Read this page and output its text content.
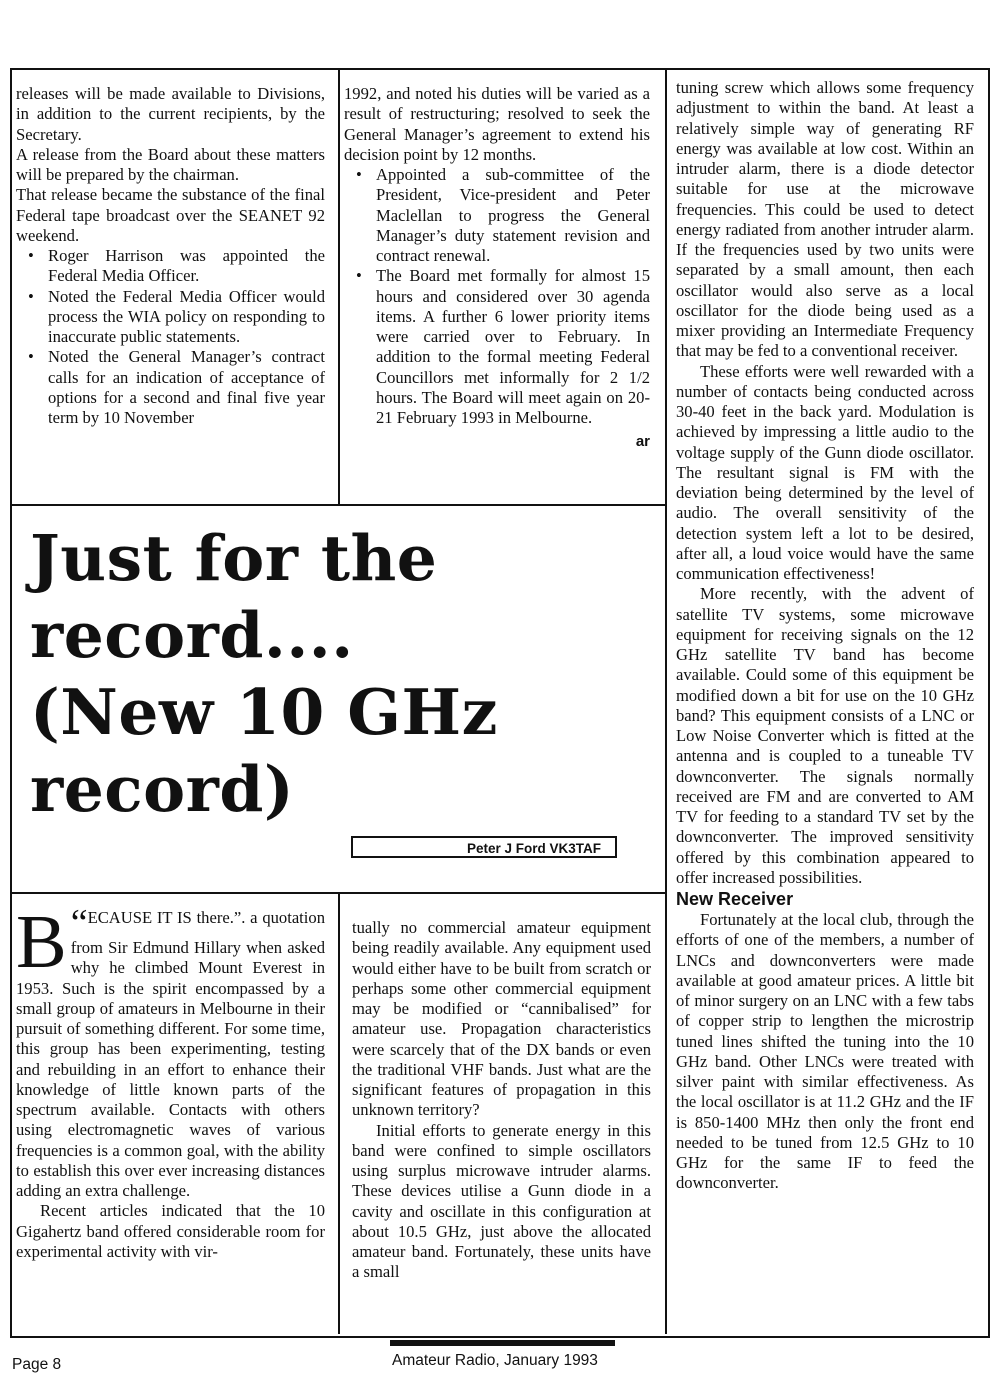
releases will be made available to Divisions, in addition to the current recipients, by the Secretary.

A release from the Board about these matters will be prepared by the chairman.

That release became the substance of the final Federal tape broadcast over the SEANET 92 weekend.

• Roger Harrison was appointed the Federal Media Officer.

• Noted the Federal Media Officer would process the WIA policy on responding to inaccurate public statements.

• Noted the General Manager’s contract calls for an indication of acceptance of options for a second and final five year term by 10 November

1992, and noted his duties will be varied as a result of restructuring; resolved to seek the General Manager’s agreement to extend his decision point by 12 months.

• Appointed a sub-committee of the President, Vice-president and Peter Maclellan to progress the General Manager’s duty statement revision and contract renewal.

• The Board met formally for almost 15 hours and considered over 30 agenda items. A further 6 lower priority items were carried over to February. In addition to the formal meeting Federal Councillors met informally for 2 1/2 hours. The Board will meet again on 20-21 February 1993 in Melbourne.

ar
Just for the
record....
(New 10 GHz
record)
Peter J Ford VK3TAF

“
B ECAUSE IT IS there.”. a quotation from Sir Edmund Hillary when asked why he climbed Mount Everest in 1953. Such is the spirit encompassed by a small group of amateurs in Melbourne in their pursuit of something different. For some time, this group has been experimenting, testing and rebuilding in an effort to enhance their knowledge of little known parts of the spectrum available. Contacts with others using electromagnetic waves of various frequencies is a common goal, with the ability to establish this over ever increasing distances adding an extra challenge.

Recent articles indicated that the 10 Gigahertz band offered considerable room for experimental activity with vir-

tually no commercial amateur equipment being readily available. Any equipment used would either have to be built from scratch or perhaps some other commercial equipment may be modified or “cannibalised” for amateur use. Propagation characteristics were scarcely that of the DX bands or even the traditional VHF bands. Just what are the significant features of propagation in this unknown territory?

Initial efforts to generate energy in this band were confined to simple oscillators using surplus microwave intruder alarms. These devices utilise a Gunn diode in a cavity and oscillate in this configuration at about 10.5 GHz, just above the allocated amateur band. Fortunately, these units have a small

tuning screw which allows some frequency adjustment to within the band. At least a relatively simple way of generating RF energy was available at low cost. Within an intruder alarm, there is a diode detector suitable for use at the microwave frequencies. This could be used to detect energy radiated from another intruder alarm. If the frequencies used by two units were separated by a small amount, then each oscillator would also serve as a local oscillator for the diode being used as a mixer providing an Intermediate Frequency that may be fed to a conventional receiver.

These efforts were well rewarded with a number of contacts being conducted across 30-40 feet in the back yard. Modulation is achieved by impressing a little audio to the voltage supply of the Gunn diode oscillator. The resultant signal is FM with the deviation being determined by the level of audio. The overall sensitivity of the detection system left a lot to be desired, after all, a loud voice would have the same communication effectiveness!

More recently, with the advent of satellite TV systems, some microwave equipment for receiving signals on the 12 GHz satellite TV band has become available. Could some of this equipment be modified down a bit for use on the 10 GHz band? This equipment consists of a LNC or Low Noise Converter which is fitted at the antenna and is coupled to a tuneable TV downconverter. The signals normally received are FM and are converted to AM TV for feeding to a standard TV set by the downconverter. The improved sensitivity offered by this combination appeared to offer increased possibilities.

New Receiver

Fortunately at the local club, through the efforts of one of the members, a number of LNCs and downconverters were made available at good amateur prices. A little bit of minor surgery on an LNC with a few tabs of copper strip to lengthen the microstrip tuned lines shifted the tuning into the 10 GHz band. Other LNCs were treated with silver paint with similar effectiveness. As the local oscillator is at 11.2 GHz and the IF is 850-1400 MHz then only the front end needed to be tuned from 12.5 GHz to 10 GHz for the same IF to feed the downconverter.

Page 8	Amateur Radio, January 1993
